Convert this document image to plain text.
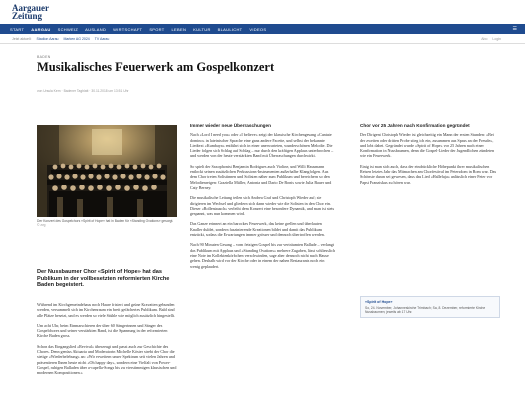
Aargauer
Zeitung
START AARGAU SCHWEIZ AUSLAND WIRTSCHAFT SPORT LEBEN KULTUR BLAULICHT VIDEOS	☰
Jetzt aktuell: Stadion Aarau Marken AG 2024 TV Aarau	Abo Login
BADEN
Musikalisches Feuerwerk am Gospelkonzert
von Ursula Kern · Badener Tagblatt · 30.11.2018 um 13:51 Uhr
Der Konzert des Gospelchors «Spirit of Hope» hat in Baden für «Standing Ovations» gesorgt.
© zvg

Der Nussbaumer Chor «Spirit of Hope» hat das Publikum in der vollbesetzten reformierten Kirche Baden begeistert.

Während im Kirchgemeindehaus noch Haare frisiert und grüne Kravatten gebunden werden, versammelt sich im Kirchenraum ein breit gefächertes Publikum. Bald sind alle Plätze besetzt, und es werden so viele Stühle wie möglich zusätzlich hingestellt.

Um acht Uhr, beim Einmarschieren der über 60 Sängerinnen und Sänger des Gospelchores und seiner verstärkten Band, ist die Spannung in der reformierten Kirche Baden gross.

Schon das Eingangslied «Revival» überzeugt und passt auch zur Geschichte des Chores. Denn genüss Aktuaria und Moderatorin Michelle Köster strebt der Chor die stetige «Wiederbelebung» an: «Wir erweitern unser Spektrum seit vielen Jahren und präsentieren Ihnen heute nicht «Oh happy day», sondern eine Vielfalt von Power-Gospel, ruhigen Balladen über a-capella-Songs bis zu vierstimmigen klassischen und modernen Kompositionen.»

Immer wieder neue Überraschungen

Nach «Lord I need you» oder «I believe» zeigt der klassische Kirchengesang «Cantate domino» in lateinischer Sprache eine ganz andere Facette, und selbst der bekannte Liedtext «Kumbaya» entführt sich in einer unerwarteten, wunderschönen Melodie. Die Lieder folgen sich Schlag auf Schlag – nur durch den kräftigen Applaus unterbrochen – und werden von der heute verstärkten Band mit Überraschungen durchwirkt.

So spielt der Saxophonist Benjamin Rodrigues auch Violine, und Willi Hausmann entlockt seinen zusätzlichen Perkussions-Instrumenten außerhalbe Klangfolgen. Aus dem Chor treten Solistinnen und Solisten näher zum Publikum und bereichern so den Melodienreigen: Graziella Müller, Antonia und Dario De Bonis sowie Julia Bauer und Caty Berney.

Die musikalische Leitung teilen sich Andrea Graf und Christoph Wieder auf; sie dirigieren im Wechsel und gliedern sich dann wieder wie die Solisten in den Chor ein. Dieser «Rollentausch» verleiht dem Konzert eine besondere Dynamik, und man ist stets gespannt, was nun kommen wird.

Das Ganze erinnert an ein barockes Feuerwerk, das keine grellen und überlauten Knaller duldet, sondern faszinierende Kreationen bildet und damit das Publikum entzückt, sodass die Erwartungen immer grösser und dennoch übertroffen werden.

Nach 90 Minuten Gesang – vom fetzigen Gospel bis zur verträumten Ballade – verlangt das Publikum mit Applaus und «Standing Ovations» mehrere Zugaben, lässt schliesslich eine Note im Kollektenkörbchen verschwinden, sage aber dennoch nicht nach Hause gehen. Deshalb wird vor der Kirche oder in einem der nahen Restaurants noch ein wenig geplaudert.

Chor vor 25 Jahren nach Konfirmation gegründet

Der Dirigent Christoph Wieder ist gleichzeitig ein Mann der ersten Stunden: «Bei der zweiten oder dritten Probe stieg ich ein, zusammen aus Spass an der Freude», und lobt dabei. Gegründet wurde «Spirit of Hope» vor 25 Jahren nach einer Konfirmation in Nussbaumen, denn die Gospel-Lieder der Jugendlichen zündeten wie ein Feuerwerk.

Einig ist man sich auch, dass der eindrückliche Höhepunkt ihrer musikalischen Reisen letztes Jahr das Mitmachen am Chorfestival im Petersdom in Rom war. Das Schönste daran sei gewesen, dass das Lied «Halleluja» anlässlich einer Feier vor Papst Franziskus zu hören war.

«Spirit of Hope»
So, 24. November, Johanneskirche Trimbach; Sa, 8. Dezember, reformierte Kirche Nussbaumen; jeweils ab 17 Uhr.
